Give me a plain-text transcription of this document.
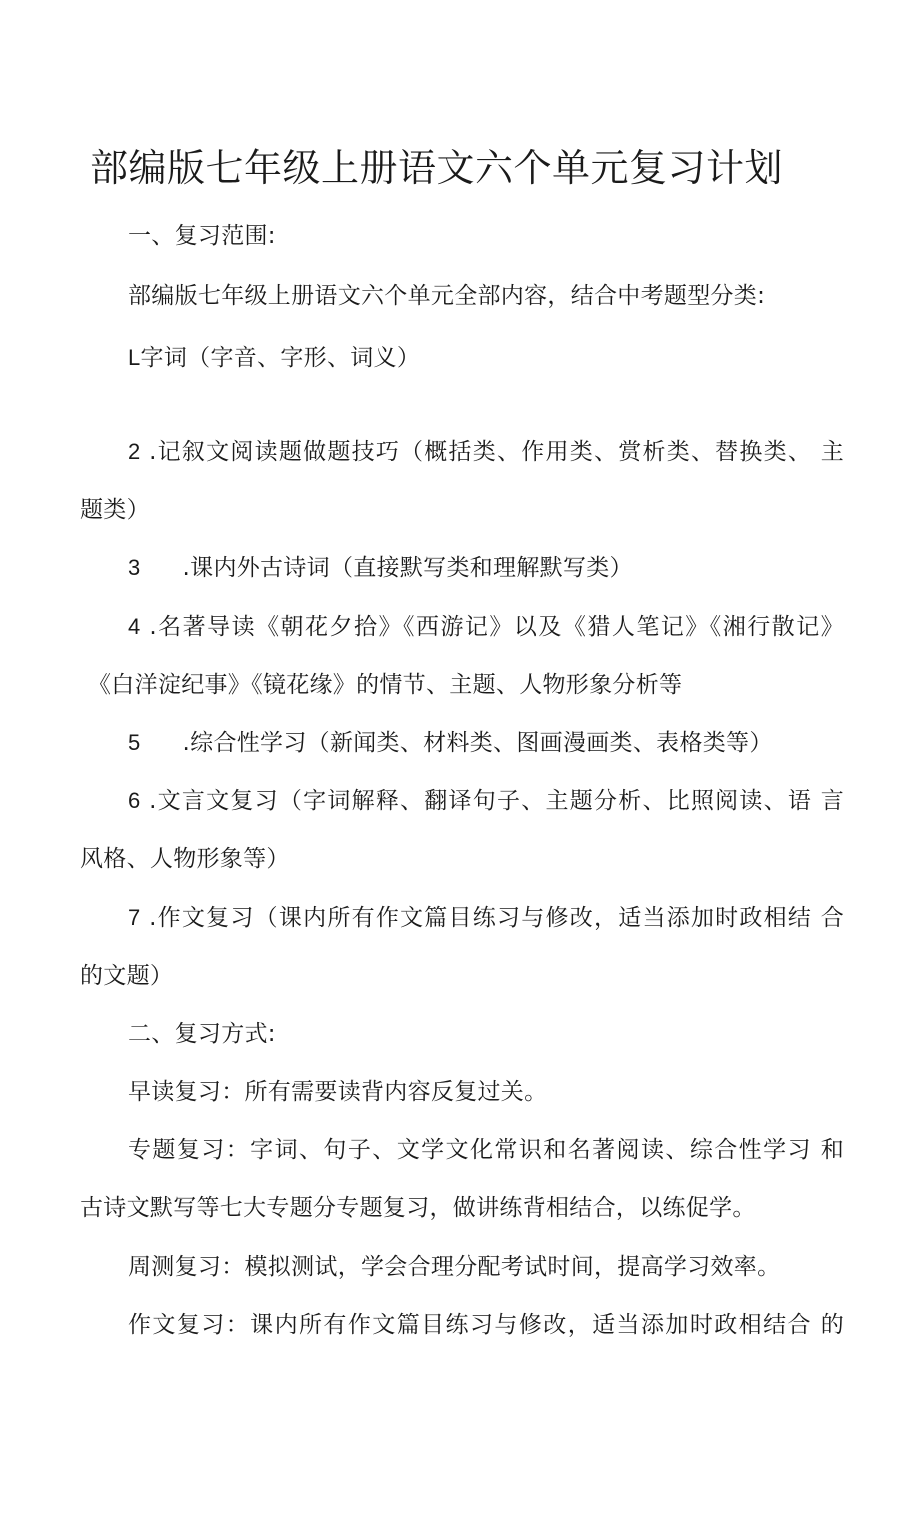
部编版七年级上册语文六个单元复习计划
一、复习范围:
部编版七年级上册语文六个单元全部内容，结合中考题型分类:
L字词（字音、字形、词义）
2 .记叙文阅读题做题技巧（概括类、作用类、赏析类、替换类、 主
题类）
3 .课内外古诗词（直接默写类和理解默写类）
4 .名著导读《朝花夕拾》《西游记》以及《猎人笔记》《湘行散记》
《白洋淀纪事》《镜花缘》的情节、主题、人物形象分析等
5 .综合性学习（新闻类、材料类、图画漫画类、表格类等）
6 .文言文复习（字词解释、翻译句子、主题分析、比照阅读、语 言
风格、人物形象等）
7 .作文复习（课内所有作文篇目练习与修改，适当添加时政相结 合
的文题）
二、复习方式:
早读复习：所有需要读背内容反复过关。
专题复习：字词、句子、文学文化常识和名著阅读、综合性学习 和
古诗文默写等七大专题分专题复习，做讲练背相结合，以练促学。
周测复习：模拟测试，学会合理分配考试时间，提高学习效率。
作文复习：课内所有作文篇目练习与修改，适当添加时政相结合 的
